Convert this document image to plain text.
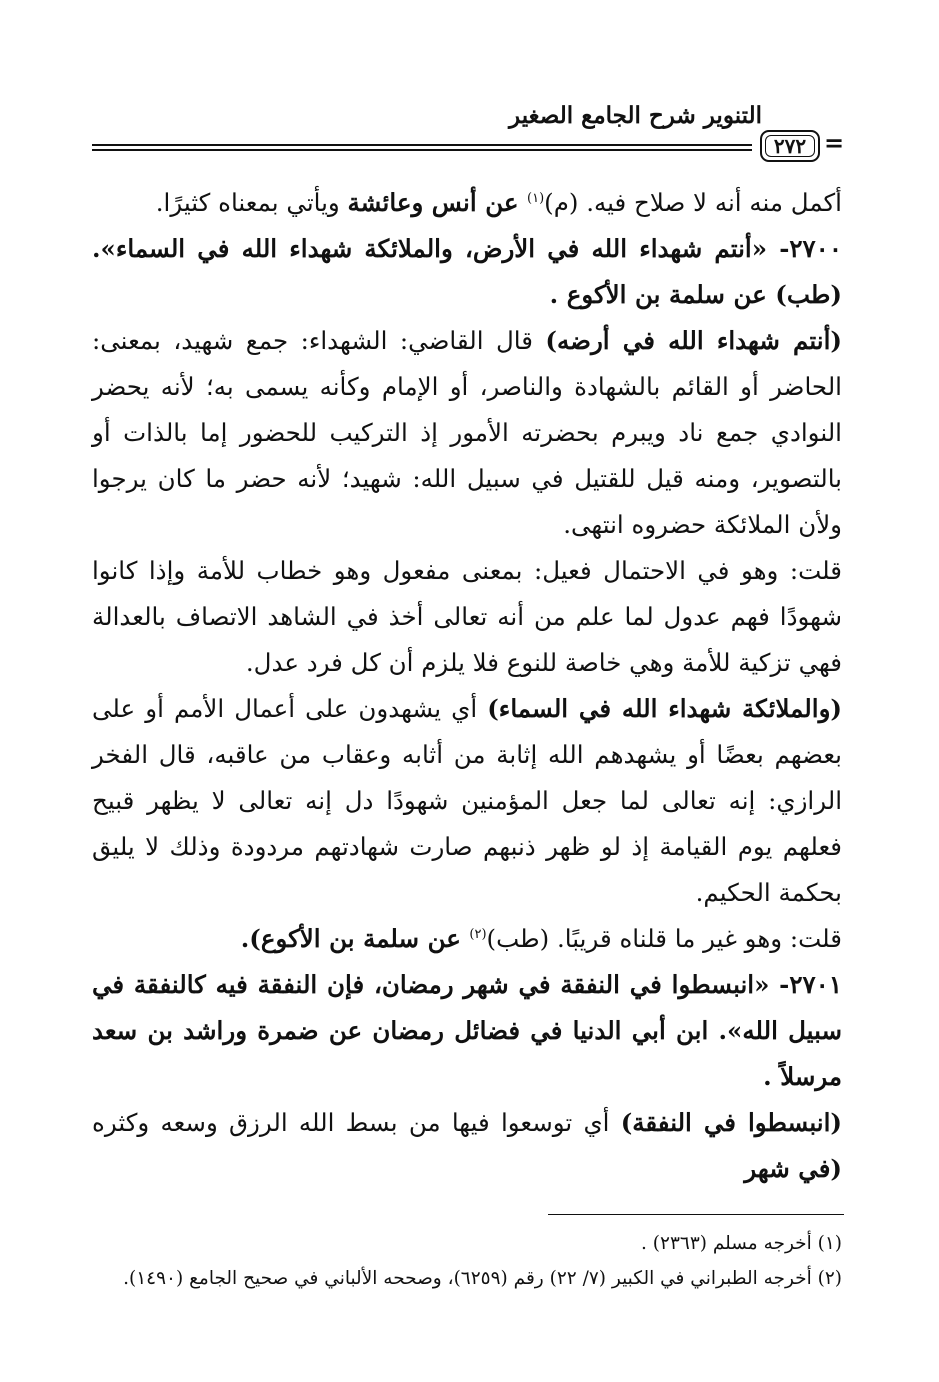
التنوير شرح الجامع الصغير
٢٧٢ =

أكمل منه أنه لا صلاح فيه. (م)$^{(١)}$ عن أنس وعائشة ويأتي بمعناه كثيرًا.

٢٧٠٠- «أنتم شهداء الله في الأرض، والملائكة شهداء الله في السماء». (طب) عن سلمة بن الأكوع .

(أنتم شهداء الله في أرضه) قال القاضي: الشهداء: جمع شهيد، بمعنى: الحاضر أو القائم بالشهادة والناصر، أو الإمام وكأنه يسمى به؛ لأنه يحضر النوادي جمع ناد ويبرم بحضرته الأمور إذ التركيب للحضور إما بالذات أو بالتصوير، ومنه قيل للقتيل في سبيل الله: شهيد؛ لأنه حضر ما كان يرجوا ولأن الملائكة حضروه انتهى.

قلت: وهو في الاحتمال فعيل: بمعنى مفعول وهو خطاب للأمة وإذا كانوا شهودًا فهم عدول لما علم من أنه تعالى أخذ في الشاهد الاتصاف بالعدالة فهي تزكية للأمة وهي خاصة للنوع فلا يلزم أن كل فرد عدل.

(والملائكة شهداء الله في السماء) أي يشهدون على أعمال الأمم أو على بعضهم بعضًا أو يشهدهم الله إثابة من أثابه وعقاب من عاقبه، قال الفخر الرازي: إنه تعالى لما جعل المؤمنين شهودًا دل إنه تعالى لا يظهر قبيح فعلهم يوم القيامة إذ لو ظهر ذنبهم صارت شهادتهم مردودة وذلك لا يليق بحكمة الحكيم.

قلت: وهو غير ما قلناه قريبًا. (طب)$^{(٢)}$ عن سلمة بن الأكوع).

٢٧٠١- «انبسطوا في النفقة في شهر رمضان، فإن النفقة فيه كالنفقة في سبيل الله». ابن أبي الدنيا في فضائل رمضان عن ضمرة وراشد بن سعد مرسلاً .

(انبسطوا في النفقة) أي توسعوا فيها من بسط الله الرزق وسعه وكثره (في شهر

(١) أخرجه مسلم (٢٣٦٣) .

(٢) أخرجه الطبراني في الكبير (٧/ ٢٢) رقم (٦٢٥٩)، وصححه الألباني في صحيح الجامع (١٤٩٠).
